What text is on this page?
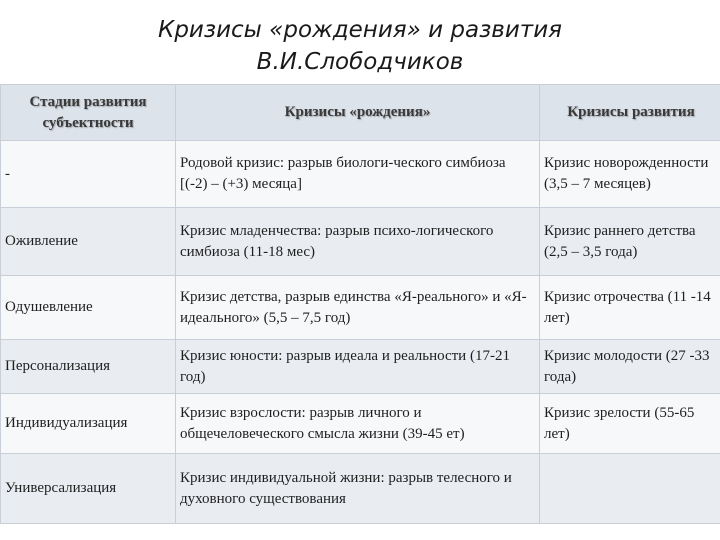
Кризисы «рождения» и развития
В.И.Слободчиков
Стадии развития субъектности	Кризисы «рождения»	Кризисы развития
-	Родовой кризис: разрыв биологи-ческого симбиоза [(-2) – (+3) месяца]	Кризис новорожденности (3,5 – 7 месяцев)
Оживление	Кризис младенчества: разрыв психо-логического симбиоза (11-18 мес)	Кризис раннего детства (2,5 – 3,5 года)
Одушевление	Кризис детства, разрыв единства «Я-реального» и «Я-идеального» (5,5 – 7,5 год)	Кризис отрочества (11 -14 лет)
Персонализация	Кризис юности: разрыв идеала и реальности (17-21 год)	Кризис молодости (27 -33 года)
Индивидуализация	Кризис взрослости: разрыв личного и общечеловеческого смысла жизни (39-45 ет)	Кризис зрелости (55-65 лет)
Универсализация	Кризис индивидуальной жизни: разрыв телесного и духовного существования	
